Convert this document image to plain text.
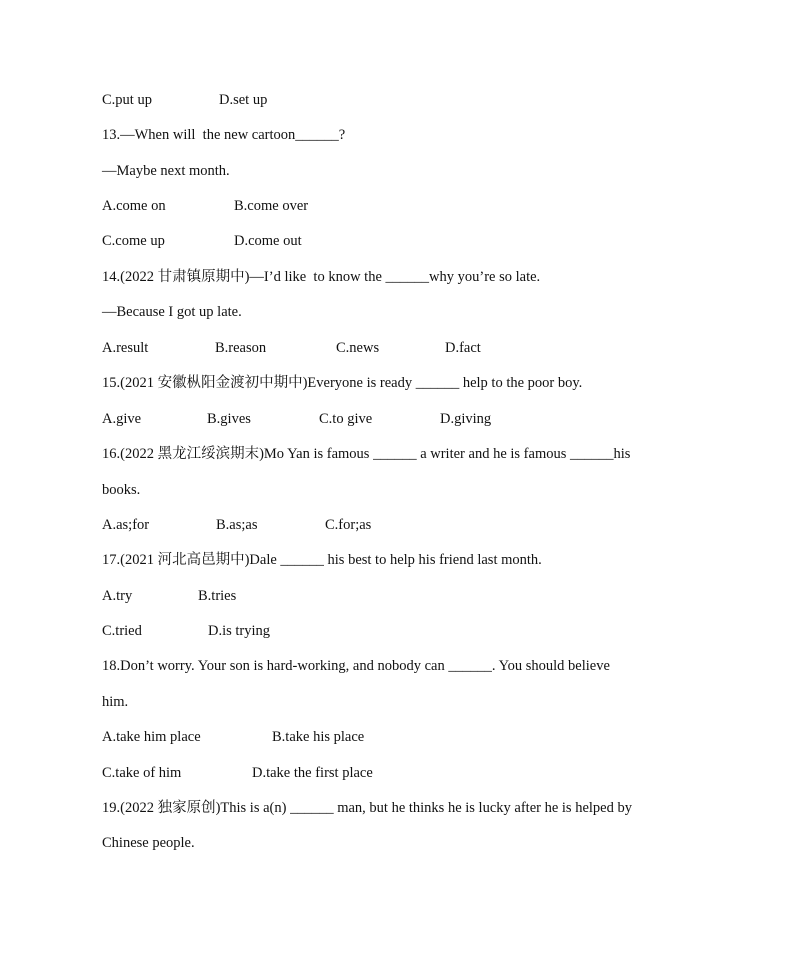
C.put up	D.set up

13.—When will  the new cartoon______?

—Maybe next month.

A.come on	B.come over
C.come up	D.come out

14.(2022 甘肃镇原期中)—I’d like  to know the ______why you’re so late.

—Because I got up late.

A.result	B.reason	C.news	D.fact

15.(2021 安徽枞阳金渡初中期中)Everyone is ready ______ help to the poor boy.

A.give	B.gives	C.to give	D.giving

16.(2022 黑龙江绥滨期末)Mo Yan is famous ______ a writer and he is famous ______his

books.

A.as;for	B.as;as	C.for;as

17.(2021 河北高邑期中)Dale ______ his best to help his friend last month.

A.try	B.tries
C.tried	D.is trying

18.Don’t worry. Your son is hard-working, and nobody can ______. You should believe

him.

A.take him place	B.take his place
C.take of him	D.take the first place

19.(2022 独家原创)This is a(n) ______ man, but he thinks he is lucky after he is helped by

Chinese people.
